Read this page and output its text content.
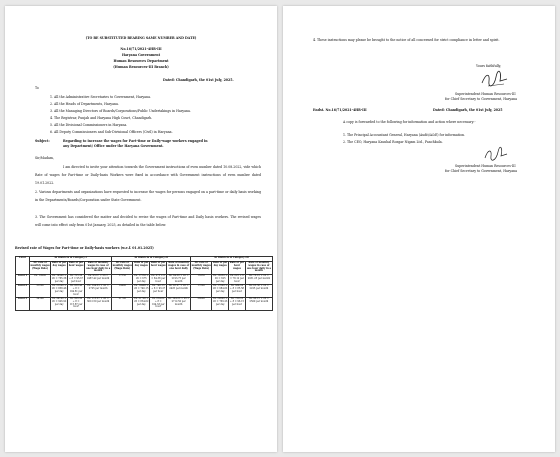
(TO BE SUBSTITUTED BEARING SAME NUMBER AND DATE)
No.16/71/2021-4HR-III
Haryana Government
Human Resources Department
(Human Resources-III Branch)
Dated: Chandigarh, the 01st July, 2025.
To
1. All the Administrative Secretaries to Government, Haryana.
2. All the Heads of Departments, Haryana.
3. All the Managing Directors of Boards/Corporations/Public Undertakings in Haryana.
4. The Registrar, Punjab and Haryana High Court, Chandigarh.
5. All the Divisional Commissioners in Haryana.
6. All Deputy Commissioners and Sub-Divisional Officers (Civil) in Haryana.
Subject:	Regarding to increase the wages for Part-time or Daily-wage workers engaged in
any Department/ Office under the Haryana Government.
Sir/Madam,
I am directed to invite your attention towards the Government instructions of even number dated 10.08.2022, vide which Rate of wages for Part-time or Daily-basis Workers were fixed in accordance with Government instructions of even number dated 19.01.2022.
2. Various departments and organizations have requested to increase the wages for persons engaged on a part-time or daily basis working in the Departments/Boards/Corporation under State Government.
3. The Government has considered the matter and decided to revise the wages of Part-time and Daily basis workers. The revised wages will come into effect only from 01st January, 2025, as detailed in the table below:
Revised rate of Wages for Part-time or Daily-basis workers (w.e.f. 01.01.2025)
Level	In Districts of Category-I				In Districts of Category-II				In Districts of Category-III			
	DC rate of monthly wages (Wage Rate)	Rate of per day wages	Rate of per hour wages	Rate of monthly wages in case of one hour daily in a month	DC rate of monthly wages (Wage Rate)	Rate of per day wages	Rate of per hour wages	Rate of monthly wages in case of one hour daily	DC rate of monthly wages (Wage Rate)	Rate of per day wages	Rate of per hour wages	Rate of monthly wages in case of one hour daily in a month
Level 1	Rs. 19900	Rs. 19900 ÷ 26 = 765.38 per day	Rs. 765.38 ÷ 8 = 95.67 per hour	Rs. 95.67 × 26 = 2487.42 per month	17550	Rs. 17550 ÷ 26 = 675 per day	Rs. 675 ÷ 8 = 84.38 per hour	Rs. 84.38 × 26 = 2193.75 per month	16250	Rs. 16250 ÷ 26 = 625 per day	Rs. 625 ÷ 8 = 78.12 per hour	Rs. 78.12 × 26 = 2031.25 per month
Level 2	21800	Rs. 21800 ÷ 26 = 838.46 per day	Rs. 838.46 ÷ 8 = 104.81 per hour	Rs. 104.81 × 26 = 2725 per month	19400	Rs. 19400 ÷ 26 = 746.15 per day	Rs. 746.15 ÷ 8 = 93.27 per hour	Rs. 93.27 × 26 = 2425 per month	17800	Rs. 17800 ÷ 26 = 684.62 per day	Rs. 684.62 ÷ 8 = 85.58 per hour	Rs. 85.58 × 26 = 2225 per month
Level 3	24100	Rs. 24100 ÷ 26 = 926.92 per day	Rs. 926.92 ÷ 8 = 115.87 per hour	Rs. 115.87 × 26 = 3012.50 per month	21700	Rs. 21700 ÷ 26 = 834.62 per day	Rs. 834.62 ÷ 8 = 104.33 per hour	Rs. 104.33 × 26 = 2712.50 per month	20000	Rs. 20000 ÷ 26 = 769.23 per day	Rs. 769.23 ÷ 8 = 96.15 per hour	Rs. 96.15 × 26 = 2500 per month
4. These instructions may please be brought to the notice of all concerned for strict compliance in letter and spirit.
Yours faithfully,
Superintendent Human Resources-III
for Chief Secretary to Government, Haryana
Endst. No.16/71/2021-4HR-III	Dated: Chandigarh, the 01st July, 2025
A copy is forwarded to the following for information and action where necessary:-
1. The Principal Accountant General, Haryana (Audit/A&E) for information.
2. The CEO, Haryana Kaushal Rozgar Nigam Ltd., Panchkula.
Superintendent Human Resources-III
for Chief Secretary to Government, Haryana
